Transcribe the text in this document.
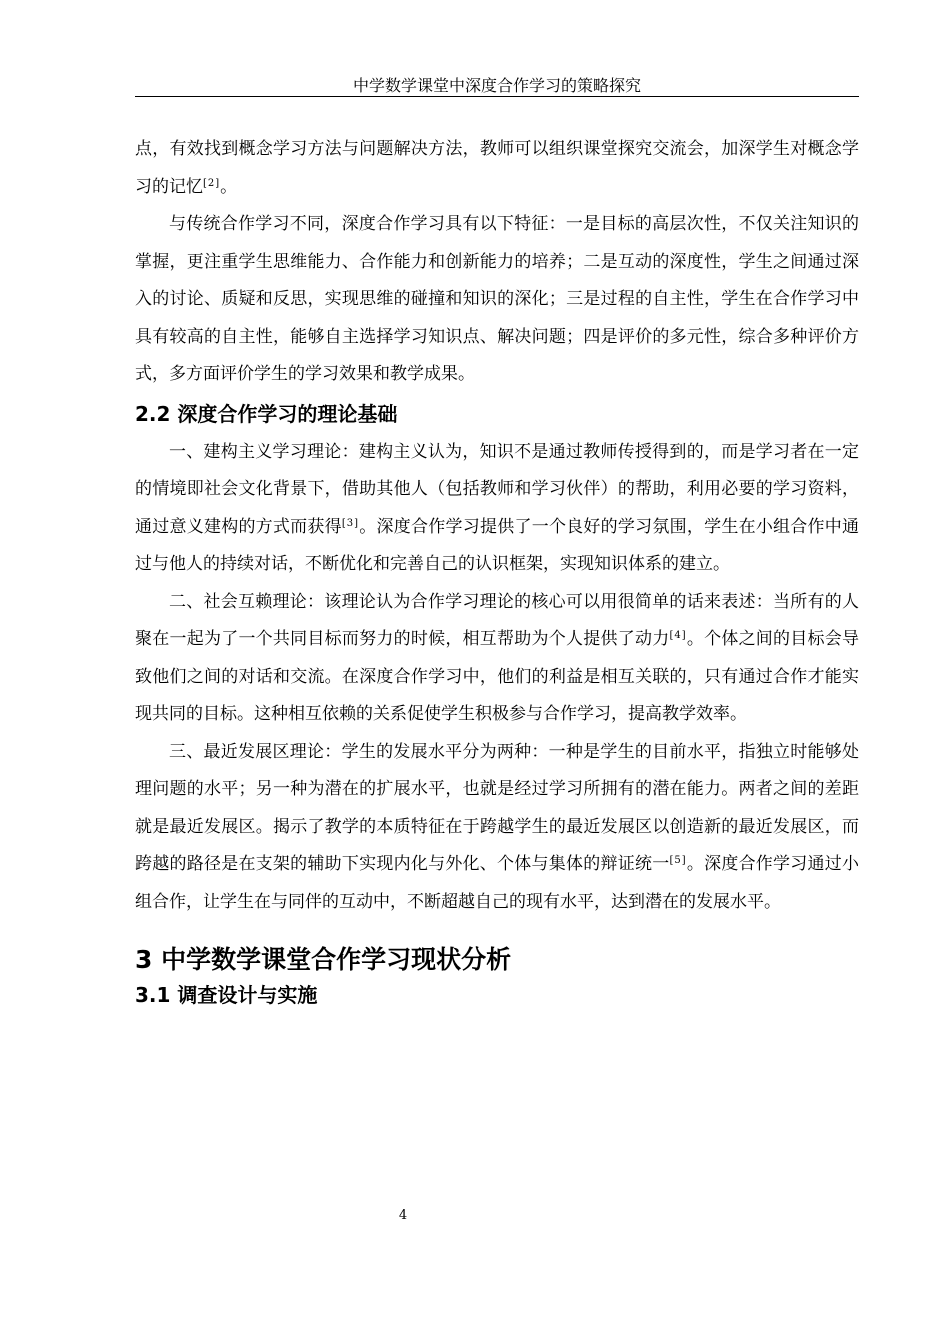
中学数学课堂中深度合作学习的策略探究

点，有效找到概念学习方法与问题解决方法，教师可以组织课堂探究交流会，加深学生对概念学习的记忆[2]。

与传统合作学习不同，深度合作学习具有以下特征：一是目标的高层次性，不仅关注知识的掌握，更注重学生思维能力、合作能力和创新能力的培养；二是互动的深度性，学生之间通过深入的讨论、质疑和反思，实现思维的碰撞和知识的深化；三是过程的自主性，学生在合作学习中具有较高的自主性，能够自主选择学习知识点、解决问题；四是评价的多元性，综合多种评价方式，多方面评价学生的学习效果和教学成果。

2.2 深度合作学习的理论基础

一、建构主义学习理论：建构主义认为，知识不是通过教师传授得到的，而是学习者在一定的情境即社会文化背景下，借助其他人（包括教师和学习伙伴）的帮助，利用必要的学习资料，通过意义建构的方式而获得[3]。深度合作学习提供了一个良好的学习氛围，学生在小组合作中通过与他人的持续对话，不断优化和完善自己的认识框架，实现知识体系的建立。

二、社会互赖理论：该理论认为合作学习理论的核心可以用很简单的话来表述：当所有的人聚在一起为了一个共同目标而努力的时候，相互帮助为个人提供了动力[4]。个体之间的目标会导致他们之间的对话和交流。在深度合作学习中，他们的利益是相互关联的，只有通过合作才能实现共同的目标。这种相互依赖的关系促使学生积极参与合作学习，提高教学效率。

三、最近发展区理论：学生的发展水平分为两种：一种是学生的目前水平，指独立时能够处理问题的水平；另一种为潜在的扩展水平，也就是经过学习所拥有的潜在能力。两者之间的差距就是最近发展区。揭示了教学的本质特征在于跨越学生的最近发展区以创造新的最近发展区，而跨越的路径是在支架的辅助下实现内化与外化、个体与集体的辩证统一[5]。深度合作学习通过小组合作，让学生在与同伴的互动中，不断超越自己的现有水平，达到潜在的发展水平。

3 中学数学课堂合作学习现状分析
3.1 调查设计与实施
4
